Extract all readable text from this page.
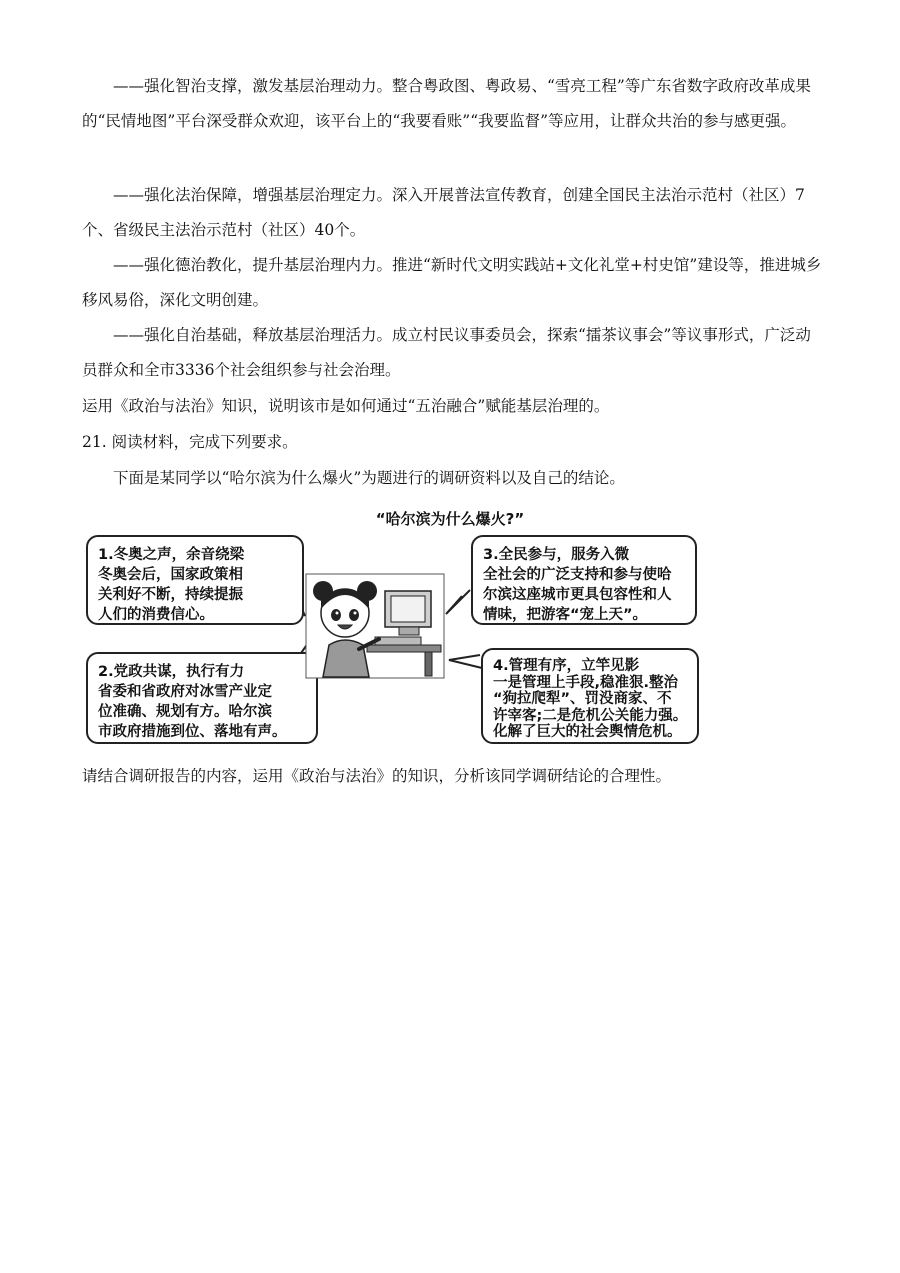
——强化智治支撑，激发基层治理动力。整合粤政图、粤政易、“雪亮工程”等广东省数字政府改革成果的“民情地图”平台深受群众欢迎，该平台上的“我要看账”“我要监督”等应用，让群众共治的参与感更强。

——强化法治保障，增强基层治理定力。深入开展普法宣传教育，创建全国民主法治示范村（社区）7个、省级民主法治示范村（社区）40个。

——强化德治教化，提升基层治理内力。推进“新时代文明实践站+文化礼堂+村史馆”建设等，推进城乡移风易俗，深化文明创建。

——强化自治基础，释放基层治理活力。成立村民议事委员会，探索“擂茶议事会”等议事形式，广泛动员群众和全市3336个社会组织参与社会治理。

运用《政治与法治》知识，说明该市是如何通过“五治融合”赋能基层治理的。

21. 阅读材料，完成下列要求。

下面是某同学以“哈尔滨为什么爆火”为题进行的调研资料以及自己的结论。

“哈尔滨为什么爆火?”
1.冬奥之声，余音绕梁
冬奥会后，国家政策相
关利好不断，持续提振
人们的消费信心。
2.党政共谋，执行有力
省委和省政府对冰雪产业定
位准确、规划有方。哈尔滨
市政府措施到位、落地有声。
3.全民参与，服务入微
全社会的广泛支持和参与使哈
尔滨这座城市更具包容性和人
情味，把游客“宠上天”。
4.管理有序，立竿见影
一是管理上手段,稳准狠.整治
“狗拉爬犁”、罚没商家、不
许宰客;二是危机公关能力强。
化解了巨大的社会舆情危机。

请结合调研报告的内容，运用《政治与法治》的知识，分析该同学调研结论的合理性。
